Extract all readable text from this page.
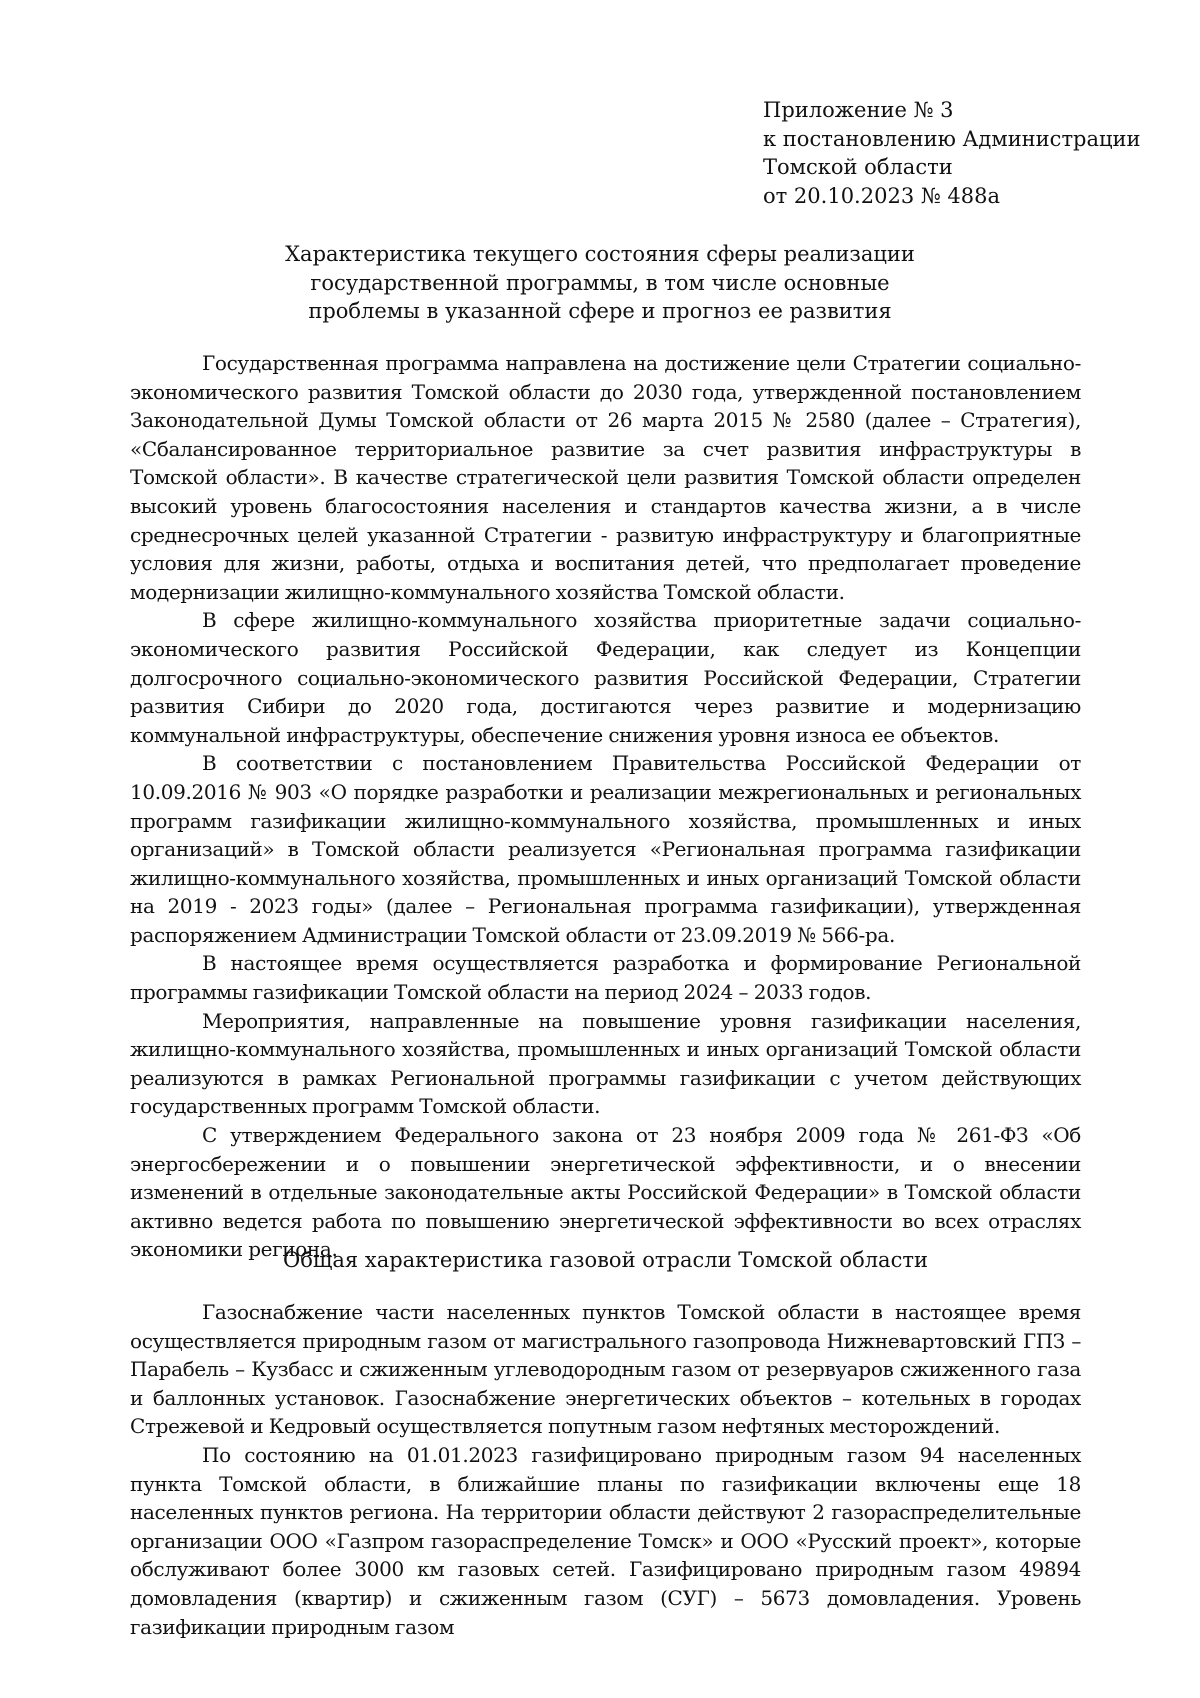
Приложение № 3
к постановлению Администрации
Томской области
от 20.10.2023 № 488а
Характеристика текущего состояния сферы реализации
государственной программы, в том числе основные
проблемы в указанной сфере и прогноз ее развития

Государственная программа направлена на достижение цели Стратегии социально-экономического развития Томской области до 2030 года, утвержденной постановлением Законодательной Думы Томской области от 26 марта 2015 № 2580 (далее – Стратегия), «Сбалансированное территориальное развитие за счет развития инфраструктуры в Томской области». В качестве стратегической цели развития Томской области определен высокий уровень благосостояния населения и стандартов качества жизни, а в числе среднесрочных целей указанной Стратегии - развитую инфраструктуру и благоприятные условия для жизни, работы, отдыха и воспитания детей, что предполагает проведение модернизации жилищно-коммунального хозяйства Томской области.

В сфере жилищно-коммунального хозяйства приоритетные задачи социально-экономического развития Российской Федерации, как следует из Концепции долгосрочного социально-экономического развития Российской Федерации, Стратегии развития Сибири до 2020 года, достигаются через развитие и модернизацию коммунальной инфраструктуры, обеспечение снижения уровня износа ее объектов.

В соответствии с постановлением Правительства Российской Федерации от 10.09.2016 № 903 «О порядке разработки и реализации межрегиональных и региональных программ газификации жилищно-коммунального хозяйства, промышленных и иных организаций» в Томской области реализуется «Региональная программа газификации жилищно-коммунального хозяйства, промышленных и иных организаций Томской области на 2019 - 2023 годы» (далее – Региональная программа газификации), утвержденная распоряжением Администрации Томской области от 23.09.2019 № 566-ра.

В настоящее время осуществляется разработка и формирование Региональной программы газификации Томской области на период 2024 – 2033 годов.

Мероприятия, направленные на повышение уровня газификации населения, жилищно-коммунального хозяйства, промышленных и иных организаций Томской области реализуются в рамках Региональной программы газификации с учетом действующих государственных программ Томской области.

С утверждением Федерального закона от 23 ноября 2009 года № 261-ФЗ «Об энергосбережении и о повышении энергетической эффективности, и о внесении изменений в отдельные законодательные акты Российской Федерации» в Томской области активно ведется работа по повышению энергетической эффективности во всех отраслях экономики региона.

Общая характеристика газовой отрасли Томской области

Газоснабжение части населенных пунктов Томской области в настоящее время осуществляется природным газом от магистрального газопровода Нижневартовский ГПЗ – Парабель – Кузбасс и сжиженным углеводородным газом от резервуаров сжиженного газа и баллонных установок. Газоснабжение энергетических объектов – котельных в городах Стрежевой и Кедровый осуществляется попутным газом нефтяных месторождений.

По состоянию на 01.01.2023 газифицировано природным газом 94 населенных пункта Томской области, в ближайшие планы по газификации включены еще 18 населенных пунктов региона. На территории области действуют 2 газораспределительные организации ООО «Газпром газораспределение Томск» и ООО «Русский проект», которые обслуживают более 3000 км газовых сетей. Газифицировано природным газом 49894 домовладения (квартир) и сжиженным газом (СУГ) – 5673 домовладения. Уровень газификации природным газом
